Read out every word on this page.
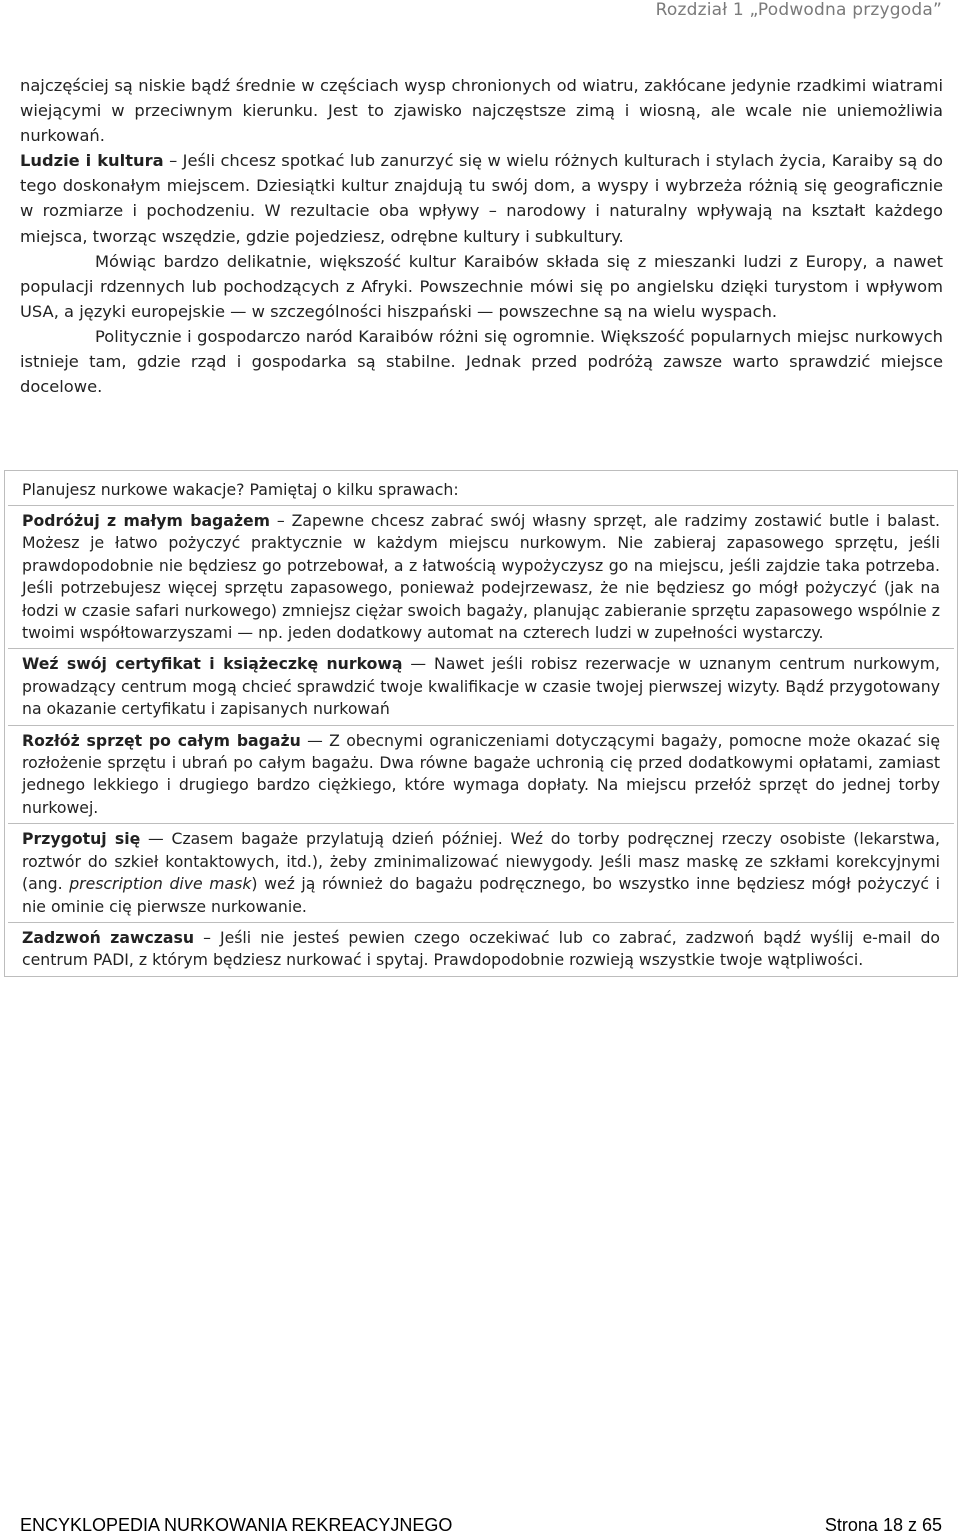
Rozdział 1 „Podwodna przygoda”

najczęściej są niskie bądź średnie w częściach wysp chronionych od wiatru, zakłócane jedynie rzadkimi wiatrami wiejącymi w przeciwnym kierunku. Jest to zjawisko najczęstsze zimą i wiosną, ale wcale nie uniemożliwia nurkowań.

Ludzie i kultura – Jeśli chcesz spotkać lub zanurzyć się w wielu różnych kulturach i stylach życia, Karaiby są do tego doskonałym miejscem. Dziesiątki kultur znajdują tu swój dom, a wyspy i wybrzeża różnią się geograficznie w rozmiarze i pochodzeniu. W rezultacie oba wpływy – narodowy i naturalny wpływają na kształt każdego miejsca, tworząc wszędzie, gdzie pojedziesz, odrębne kultury i subkultury.

Mówiąc bardzo delikatnie, większość kultur Karaibów składa się z mieszanki ludzi z Europy, a nawet populacji rdzennych lub pochodzących z Afryki. Powszechnie mówi się po angielsku dzięki turystom i wpływom USA, a języki europejskie — w szczególności hiszpański — powszechne są na wielu wyspach.

Politycznie i gospodarczo naród Karaibów różni się ogromnie. Większość popularnych miejsc nurkowych istnieje tam, gdzie rząd i gospodarka są stabilne. Jednak przed podróżą zawsze warto sprawdzić miejsce docelowe.

Planujesz nurkowe wakacje? Pamiętaj o kilku sprawach:
Podróżuj z małym bagażem – Zapewne chcesz zabrać swój własny sprzęt, ale radzimy zostawić butle i balast. Możesz je łatwo pożyczyć praktycznie w każdym miejscu nurkowym. Nie zabieraj zapasowego sprzętu, jeśli prawdopodobnie nie będziesz go potrzebował, a z łatwością wypożyczysz go na miejscu, jeśli zajdzie taka potrzeba. Jeśli potrzebujesz więcej sprzętu zapasowego, ponieważ podejrzewasz, że nie będziesz go mógł pożyczyć (jak na łodzi w czasie safari nurkowego) zmniejsz ciężar swoich bagaży, planując zabieranie sprzętu zapasowego wspólnie z twoimi współtowarzyszami — np. jeden dodatkowy automat na czterech ludzi w zupełności wystarczy.
Weź swój certyfikat i książeczkę nurkową — Nawet jeśli robisz rezerwacje w uznanym centrum nurkowym, prowadzący centrum mogą chcieć sprawdzić twoje kwalifikacje w czasie twojej pierwszej wizyty. Bądź przygotowany na okazanie certyfikatu i zapisanych nurkowań
Rozłóż sprzęt po całym bagażu — Z obecnymi ograniczeniami dotyczącymi bagaży, pomocne może okazać się rozłożenie sprzętu i ubrań po całym bagażu. Dwa równe bagaże uchronią cię przed dodatkowymi opłatami, zamiast jednego lekkiego i drugiego bardzo ciężkiego, które wymaga dopłaty. Na miejscu przełóż sprzęt do jednej torby nurkowej.
Przygotuj się — Czasem bagaże przylatują dzień później. Weź do torby podręcznej rzeczy osobiste (lekarstwa, roztwór do szkieł kontaktowych, itd.), żeby zminimalizować niewygody. Jeśli masz maskę ze szkłami korekcyjnymi (ang. prescription dive mask) weź ją również do bagażu podręcznego, bo wszystko inne będziesz mógł pożyczyć i nie ominie cię pierwsze nurkowanie.
Zadzwoń zawczasu – Jeśli nie jesteś pewien czego oczekiwać lub co zabrać, zadzwoń bądź wyślij e-mail do centrum PADI, z którym będziesz nurkować i spytaj. Prawdopodobnie rozwieją wszystkie twoje wątpliwości.
ENCYKLOPEDIA NURKOWANIA REKREACYJNEGO	Strona 18 z 65
